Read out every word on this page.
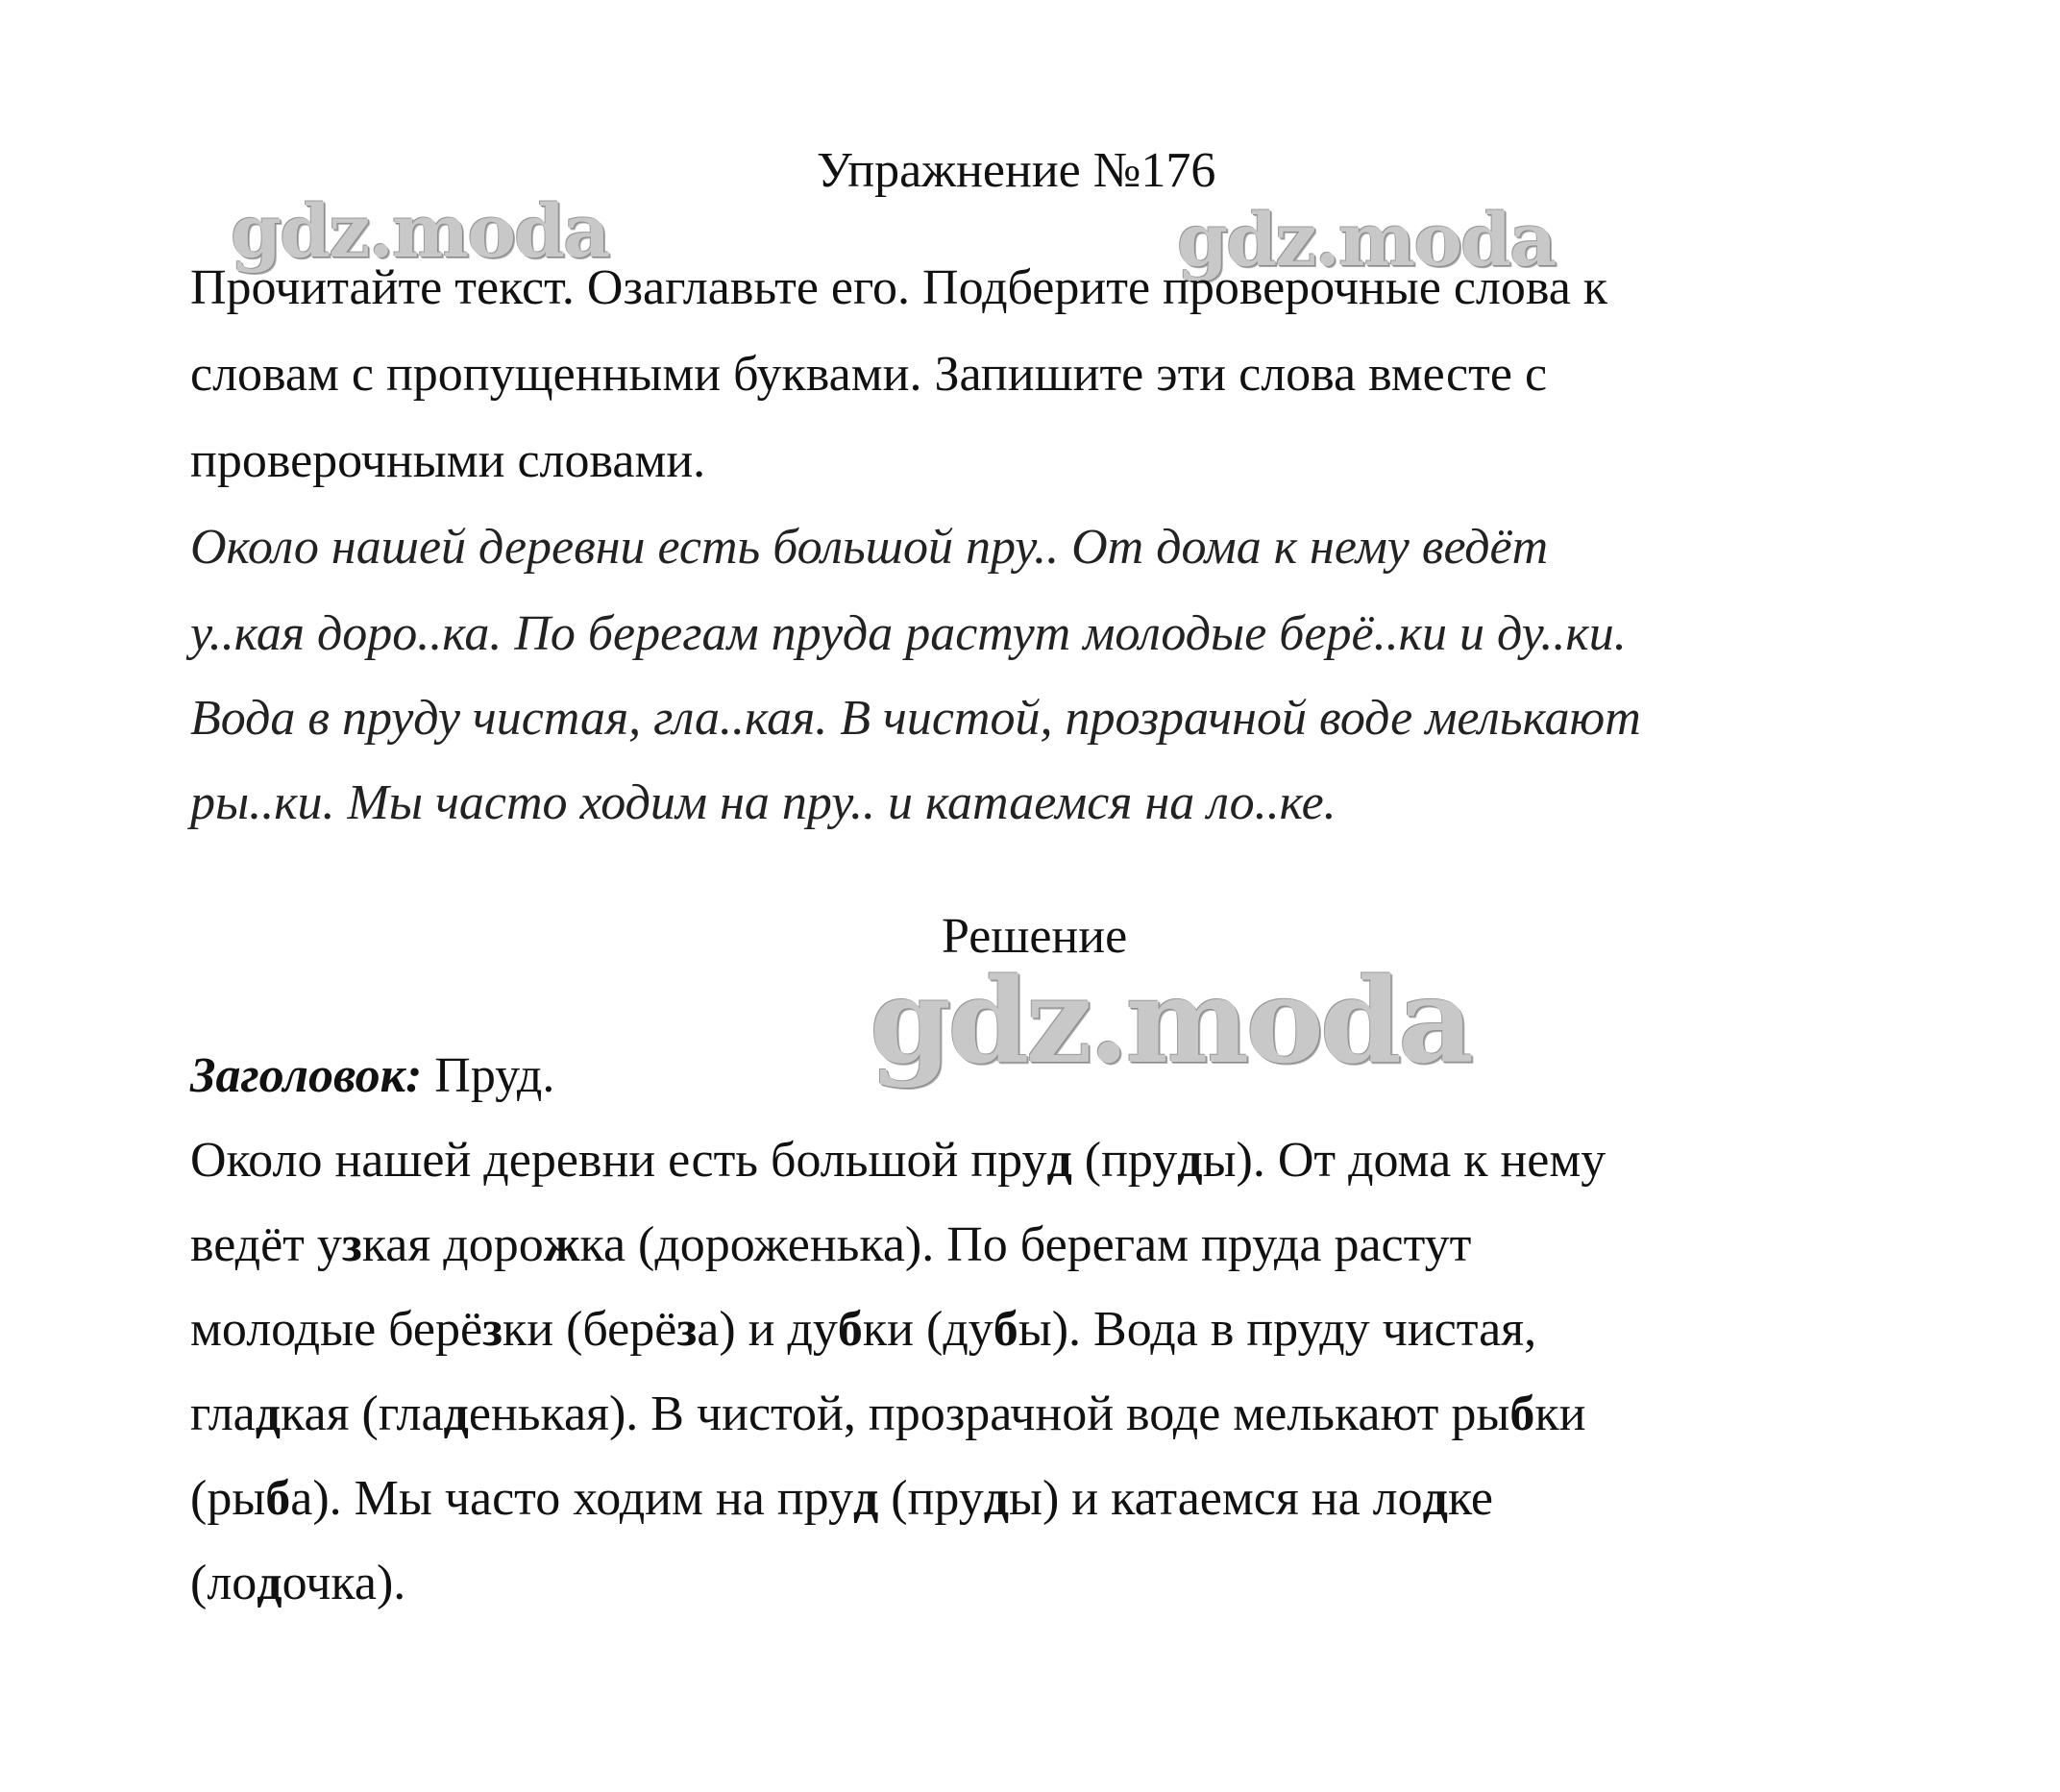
Упражнение №176
gdz.moda	gdz.moda

Прочитайте текст. Озаглавьте его. Подберите проверочные слова к

словам с пропущенными буквами. Запишите эти слова вместе с

проверочными словами.

Около нашей деревни есть большой пру.. От дома к нему ведёт

у..кая доро..ка. По берегам пруда растут молодые берё..ки и ду..ки.

Вода в пруду чистая, гла..кая. В чистой, прозрачной воде мелькают

ры..ки. Мы часто ходим на пру.. и катаемся на ло..ке.

Решение
gdz.moda

Заголовок: Пруд.

Около нашей деревни есть большой пруд (пруды). От дома к нему

ведёт узкая дорожка (дороженька). По берегам пруда растут

молодые берёзки (берёза) и дубки (дубы). Вода в пруду чистая,

гладкая (гладенькая). В чистой, прозрачной воде мелькают рыбки

(рыба). Мы часто ходим на пруд (пруды) и катаемся на лодке

(лодочка).
